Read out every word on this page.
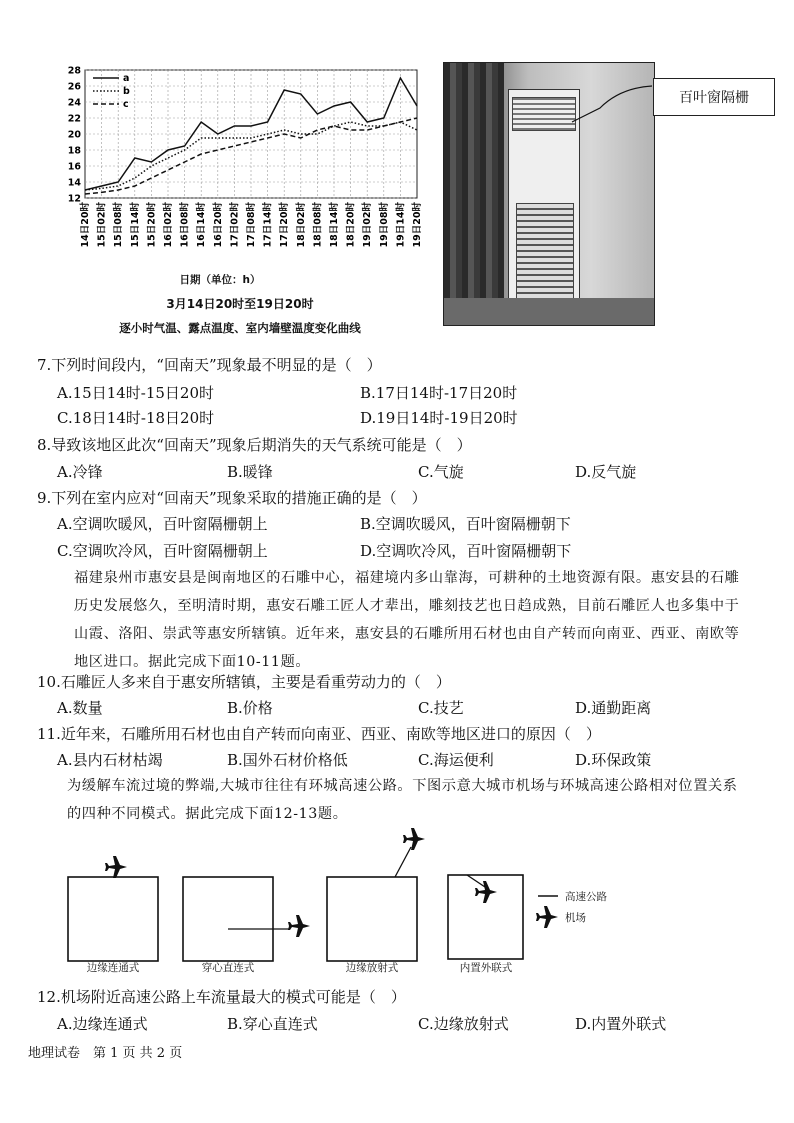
12
14
16
18
20
22
24
26
28
14日20时 15日02时 15日08时 15日14时 15日20时 16日02时 16日08时 16日14时 16日20时 17日02时 17日08时 17日14时 17日20时 18日02时 18日08时 18日14时 18日20时 19日02时 19日08时 19日14时 19日20时
a
b
c
日期（单位：h）
3月14日20时至19日20时
逐小时气温、露点温度、室内墙壁温度变化曲线
百叶窗隔栅
7.下列时间段内，“回南天”现象最不明显的是（　）
A.15日14时-15日20时	B.17日14时-17日20时
C.18日14时-18日20时	D.19日14时-19日20时
8.导致该地区此次“回南天”现象后期消失的天气系统可能是（　）
A.冷锋	B.暖锋	C.气旋	D.反气旋
9.下列在室内应对“回南天”现象采取的措施正确的是（　）
A.空调吹暖风，百叶窗隔栅朝上	B.空调吹暖风，百叶窗隔栅朝下
C.空调吹冷风，百叶窗隔栅朝上	D.空调吹冷风，百叶窗隔栅朝下
福建泉州市惠安县是闽南地区的石雕中心，福建境内多山靠海，可耕种的土地资源有限。惠安县的石雕历史发展悠久，至明清时期，惠安石雕工匠人才辈出，雕刻技艺也日趋成熟，目前石雕匠人也多集中于山霞、洛阳、崇武等惠安所辖镇。近年来，惠安县的石雕所用石材也由自产转而向南亚、西亚、南欧等地区进口。据此完成下面10-11题。
10.石雕匠人多来自于惠安所辖镇，主要是看重劳动力的（　）
A.数量	B.价格	C.技艺	D.通勤距离
11.近年来，石雕所用石材也由自产转而向南亚、西亚、南欧等地区进口的原因（　）
A.县内石材枯竭	B.国外石材价格低	C.海运便利	D.环保政策
为缓解车流过境的弊端,大城市往往有环城高速公路。下图示意大城市机场与环城高速公路相对位置关系的四种不同模式。据此完成下面12-13题。
高速公路
机场
边缘连通式	穿心直连式	边缘放射式	内置外联式
12.机场附近高速公路上车流量最大的模式可能是（　）
A.边缘连通式	B.穿心直连式	C.边缘放射式	D.内置外联式
地理试卷　第 1 页 共 2 页
